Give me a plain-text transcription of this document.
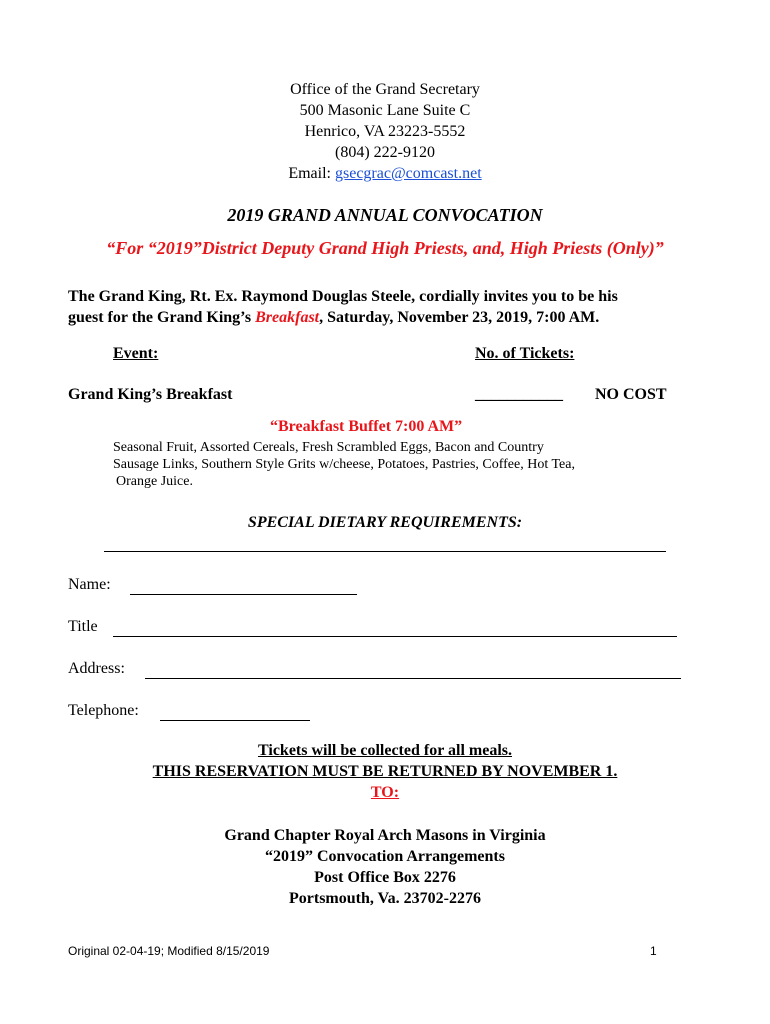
Office of the Grand Secretary
500 Masonic Lane Suite C
Henrico, VA 23223-5552
(804) 222-9120
Email: gsecgrac@comcast.net
2019 GRAND ANNUAL CONVOCATION
“For “2019”District Deputy Grand High Priests, and, High Priests (Only)”
The Grand King, Rt. Ex. Raymond Douglas Steele, cordially invites you to be his
guest for the Grand King’s Breakfast, Saturday, November 23, 2019, 7:00 AM.
Event:	No. of Tickets:
Grand King’s Breakfast	___________ NO COST
“Breakfast Buffet 7:00 AM”
Seasonal Fruit, Assorted Cereals, Fresh Scrambled Eggs, Bacon and Country
Sausage Links, Southern Style Grits w/cheese, Potatoes, Pastries, Coffee, Hot Tea,
Orange Juice.
SPECIAL DIETARY REQUIREMENTS:
Name:
Title
Address:
Telephone:
Tickets will be collected for all meals.
THIS RESERVATION MUST BE RETURNED BY NOVEMBER 1.
TO:
Grand Chapter Royal Arch Masons in Virginia
“2019” Convocation Arrangements
Post Office Box 2276
Portsmouth, Va. 23702-2276
Original 02-04-19; Modified 8/15/2019	1
